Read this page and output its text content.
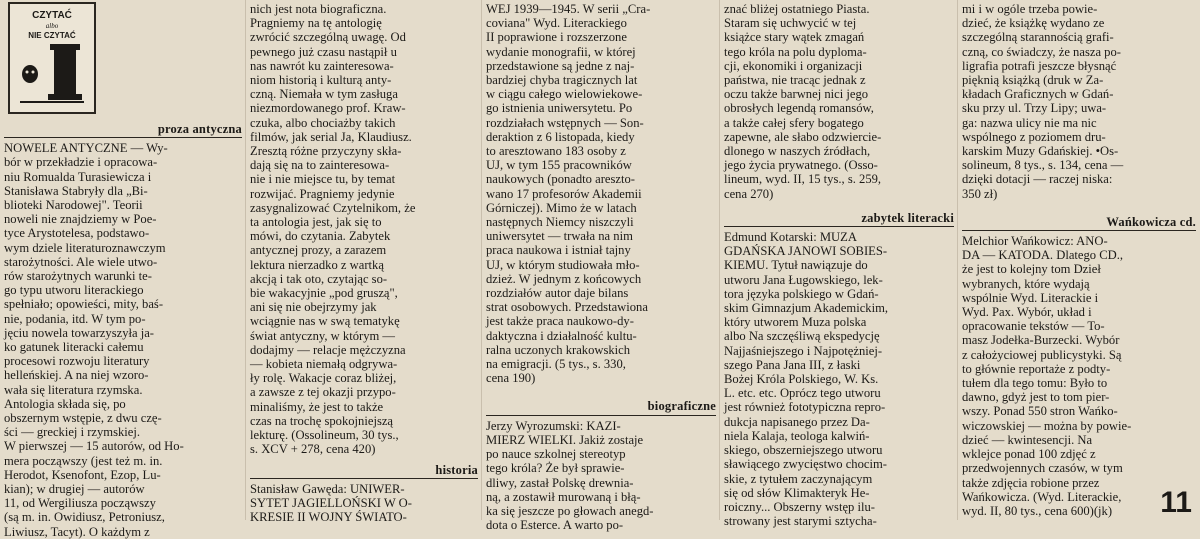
CZYTAĆ
albo
NIE CZYTAĆ
proza antyczna
NOWELE ANTYCZNE — Wy-
bór w przekładzie i opracowa-
niu Romualda Turasiewicza i
Stanisława Stabryły dla „Bi-
blioteki Narodowej". Teorii
noweli nie znajdziemy w Poe-
tyce Arystotelesa, podstawo-
wym dziele literaturoznawczym
starożytności. Ale wiele utwo-
rów starożytnych warunki te-
go typu utworu literackiego
spełniało; opowieści, mity, baś-
nie, podania, itd. W tym po-
jęciu nowela towarzyszyła ja-
ko gatunek literacki całemu
procesowi rozwoju literatury
helleńskiej. A na niej wzoro-
wała się literatura rzymska.
Antologia składa się, po
obszernym wstępie, z dwu czę-
ści — greckiej i rzymskiej.
W pierwszej — 15 autorów, od Ho-
mera począwszy (jest też m. in.
Herodot, Ksenofont, Ezop, Lu-
kian); w drugiej — autorów
11, od Wergiliusza począwszy
(są m. in. Owidiusz, Petroniusz,
Liwiusz, Tacyt). O każdym z
nich jest nota biograficzna.
Pragniemy na tę antologię
zwrócić szczególną uwagę. Od
pewnego już czasu nastąpił u
nas nawrót ku zainteresowa-
niom historią i kulturą anty-
czną. Niemała w tym zasługa
niezmordowanego prof. Kraw-
czuka, albo chociażby takich
filmów, jak serial Ja, Klaudiusz.
Zresztą różne przyczyny skła-
dają się na to zainteresowa-
nie i nie miejsce tu, by temat
rozwijać. Pragniemy jedynie
zasygnalizować Czytelnikom, że
ta antologia jest, jak się to
mówi, do czytania. Zabytek
antycznej prozy, a zarazem
lektura nierzadko z wartką
akcją i tak oto, czytając so-
bie wakacyjnie „pod gruszą",
ani się nie obejrzymy jak
wciągnie nas w swą tematykę
świat antyczny, w którym —
dodajmy — relacje mężczyzna
— kobieta niemałą odgrywa-
ły rolę. Wakacje coraz bliżej,
a zawsze z tej okazji przypo-
minaliśmy, że jest to także
czas na trochę spokojniejszą
lekturę. (Ossolineum, 30 tys.,
s. XCV + 278, cena 420)
historia
Stanisław Gawęda: UNIWER-
SYTET JAGIELLOŃSKI W O-
KRESIE II WOJNY ŚWIATO-
WEJ 1939—1945. W serii „Cra-
coviana" Wyd. Literackiego
II poprawione i rozszerzone
wydanie monografii, w której
przedstawione są jedne z naj-
bardziej chyba tragicznych lat
w ciągu całego wielowiekowe-
go istnienia uniwersytetu. Po
rozdziałach wstępnych — Son-
deraktion z 6 listopada, kiedy
to aresztowano 183 osoby z
UJ, w tym 155 pracowników
naukowych (ponadto areszto-
wano 17 profesorów Akademii
Górniczej). Mimo że w latach
następnych Niemcy niszczyli
uniwersytet — trwała na nim
praca naukowa i istniał tajny
UJ, w którym studiowała mło-
dzież. W jednym z końcowych
rozdziałów autor daje bilans
strat osobowych. Przedstawiona
jest także praca naukowo-dy-
daktyczna i działalność kultu-
ralna uczonych krakowskich
na emigracji. (5 tys., s. 330,
cena 190)
biograficzne
Jerzy Wyrozumski: KAZI-
MIERZ WIELKI. Jakiż zostaje
po nauce szkolnej stereotyp
tego króla? Że był sprawie-
dliwy, zastał Polskę drewnia-
ną, a zostawił murowaną i błą-
ka się jeszcze po głowach anegd-
dota o Esterce. A warto po-
znać bliżej ostatniego Piasta.
Staram się uchwycić w tej
książce stary wątek zmagań
tego króla na polu dyploma-
cji, ekonomiki i organizacji
państwa, nie tracąc jednak z
oczu także barwnej nici jego
obrosłych legendą romansów,
a także całej sfery bogatego
zapewne, ale słabo odzwiercie-
dlonego w naszych źródłach,
jego życia prywatnego. (Osso-
lineum, wyd. II, 15 tys., s. 259,
cena 270)
zabytek literacki
Edmund Kotarski: MUZA
GDAŃSKA JANOWI SOBIES-
KIEMU. Tytuł nawiązuje do
utworu Jana Ługowskiego, lek-
tora języka polskiego w Gdań-
skim Gimnazjum Akademickim,
który utworem Muza polska
albo Na szczęśliwą ekspedycję
Najjaśniejszego i Najpotężniej-
szego Pana Jana III, z łaski
Bożej Króla Polskiego, W. Ks.
L. etc. etc. Oprócz tego utworu
jest również fototypiczna repro-
dukcja napisanego przez Da-
niela Kalaja, teologa kalwiń-
skiego, obszerniejszego utworu
sławiącego zwycięstwo chocim-
skie, z tytułem zaczynającym
się od słów Klimakteryk He-
roiczny... Obszerny wstęp ilu-
strowany jest starymi sztycha-
mi i w ogóle trzeba powie-
dzieć, że książkę wydano ze
szczególną starannością grafi-
czną, co świadczy, że nasza po-
ligrafia potrafi jeszcze błysnąć
pięknią książką (druk w Za-
kładach Graficznych w Gdań-
sku przy ul. Trzy Lipy; uwa-
ga: nazwa ulicy nie ma nic
wspólnego z poziomem dru-
karskim Muzy Gdańskiej. •Os-
solineum, 8 tys., s. 134, cena —
dzięki dotacji — raczej niska:
350 zł)
Wańkowicza cd.
Melchior Wańkowicz: ANO-
DA — KATODA. Dlatego CD.,
że jest to kolejny tom Dzieł
wybranych, które wydają
wspólnie Wyd. Literackie i
Wyd. Pax. Wybór, układ i
opracowanie tekstów — To-
masz Jodełka-Burzecki. Wybór
z całożyciowej publicystyki. Są
to głównie reportaże z podty-
tułem dla tego tomu: Było to
dawno, gdyż jest to tom pier-
wszy. Ponad 550 stron Wańko-
wiczowskiej — można by powie-
dzieć — kwintesencji. Na
wklejce ponad 100 zdjęć z
przedwojennych czasów, w tym
także zdjęcia robione przez
Wańkowicza. (Wyd. Literackie,
wyd. II, 80 tys., cena 600)(jk)	11
